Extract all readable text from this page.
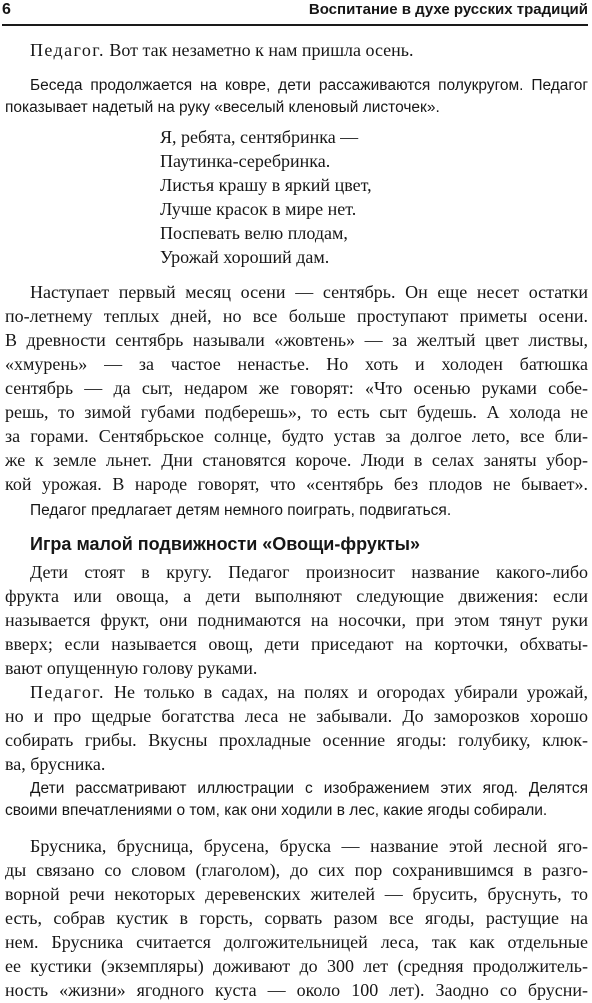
6	Воспитание в духе русских традиций
Педагог. Вот так незаметно к нам пришла осень.
Беседа продолжается на ковре, дети рассаживаются полукругом. Педагог
показывает надетый на руку «веселый кленовый листочек».
Я, ребята, сентябринка —
Паутинка-серебринка.
Листья крашу в яркий цвет,
Лучше красок в мире нет.
Поспевать велю плодам,
Урожай хороший дам.
Наступает первый месяц осени — сентябрь. Он еще несет остатки
по-летнему теплых дней, но все больше проступают приметы осени.
В древности сентябрь называли «жовтень» — за желтый цвет листвы,
«хмурень» — за частое ненастье. Но хоть и холоден батюшка
сентябрь — да сыт, недаром же говорят: «Что осенью руками собе-
решь, то зимой губами подберешь», то есть сыт будешь. А холода не
за горами. Сентябрьское солнце, будто устав за долгое лето, все бли-
же к земле льнет. Дни становятся короче. Люди в селах заняты убор-
кой урожая. В народе говорят, что «сентябрь без плодов не бывает».
Педагог предлагает детям немного поиграть, подвигаться.
Игра малой подвижности «Овощи-фрукты»
Дети стоят в кругу. Педагог произносит название какого-либо
фрукта или овоща, а дети выполняют следующие движения: если
называется фрукт, они поднимаются на носочки, при этом тянут руки
вверх; если называется овощ, дети приседают на корточки, обхваты-
вают опущенную голову руками.
Педагог. Не только в садах, на полях и огородах убирали урожай,
но и про щедрые богатства леса не забывали. До заморозков хорошо
собирать грибы. Вкусны прохладные осенние ягоды: голубику, клюк-
ва, брусника.
Дети рассматривают иллюстрации с изображением этих ягод. Делятся
своими впечатлениями о том, как они ходили в лес, какие ягоды собирали.
Брусника, брусница, брусена, бруска — название этой лесной яго-
ды связано со словом (глаголом), до сих пор сохранившимся в разго-
ворной речи некоторых деревенских жителей — брусить, бруснуть, то
есть, собрав кустик в горсть, сорвать разом все ягоды, растущие на
нем. Брусника считается долгожительницей леса, так как отдельные
ее кустики (экземпляры) доживают до 300 лет (средняя продолжитель-
ность «жизни» ягодного куста — около 100 лет). Заодно со брусни-
